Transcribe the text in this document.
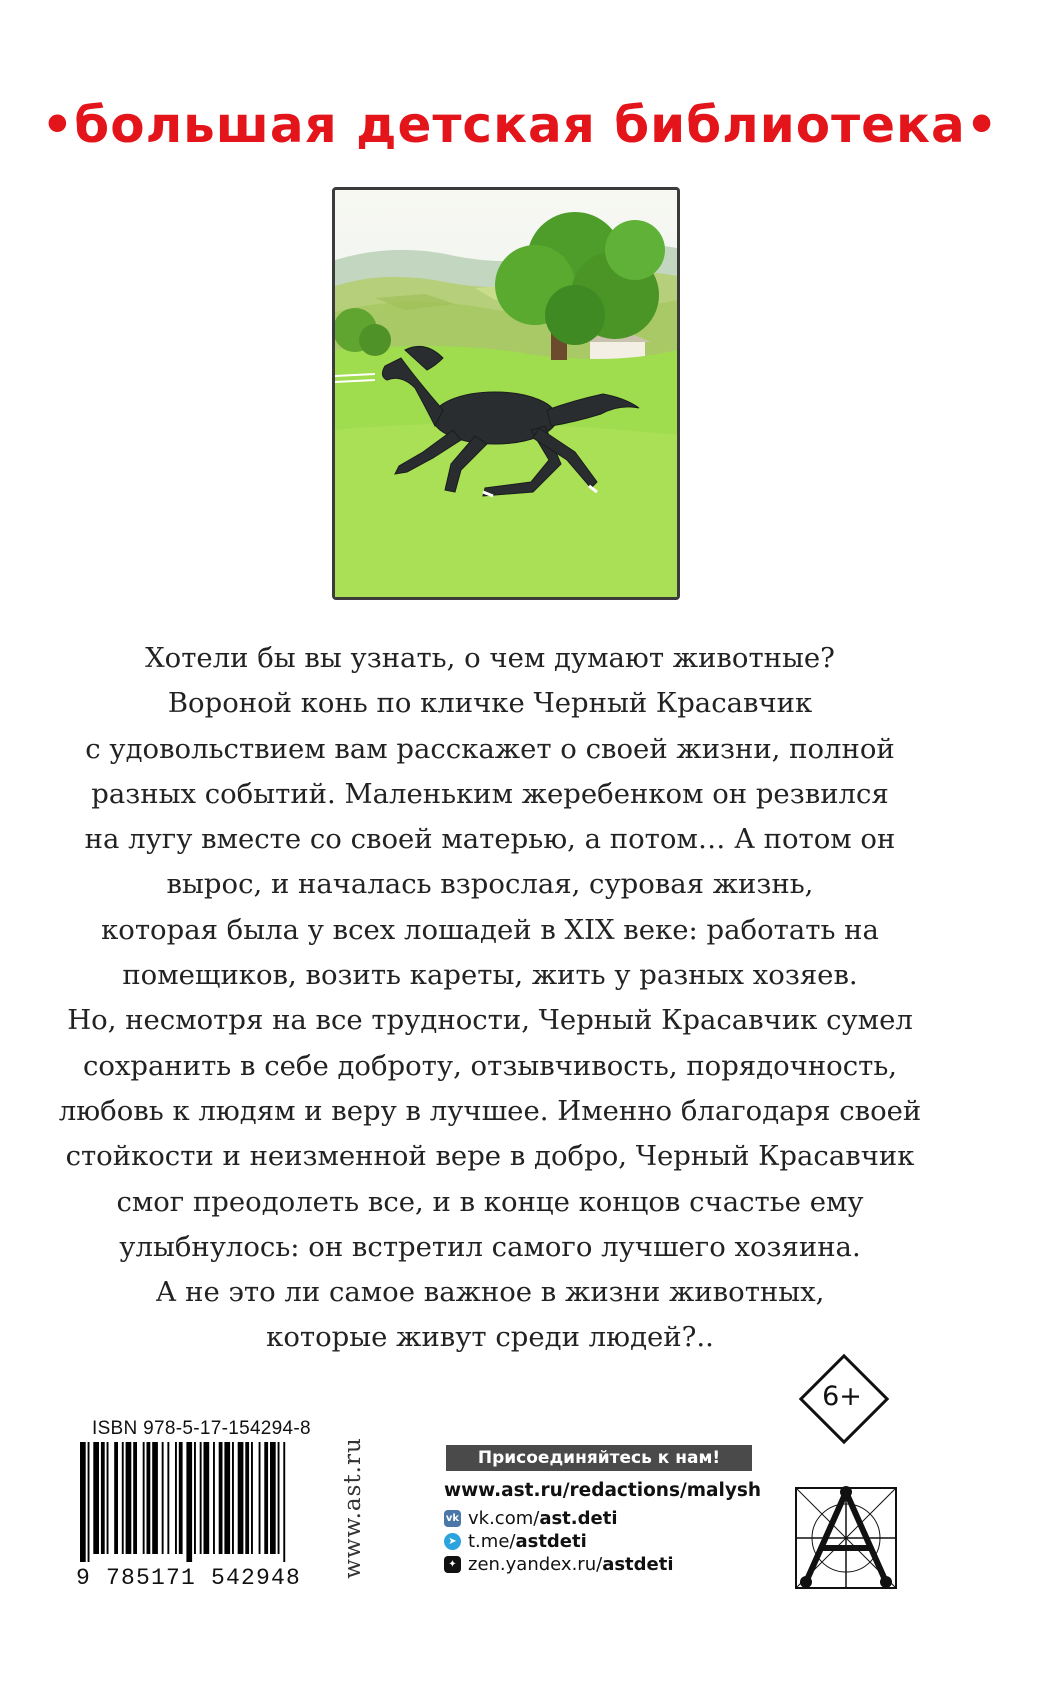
•большая детская библиотека•
Хотели бы вы узнать, о чем думают животные?
Вороной конь по кличке Черный Красавчик
с удовольствием вам расскажет о своей жизни, полной
разных событий. Маленьким жеребенком он резвился
на лугу вместе со своей матерью, а потом… А потом он
вырос, и началась взрослая, суровая жизнь,
которая была у всех лошадей в XIX веке: работать на
помещиков, возить кареты, жить у разных хозяев.
Но, несмотря на все трудности, Черный Красавчик сумел
сохранить в себе доброту, отзывчивость, порядочность,
любовь к людям и веру в лучшее. Именно благодаря своей
стойкости и неизменной вере в добро, Черный Красавчик
смог преодолеть все, и в конце концов счастье ему
улыбнулось: он встретил самого лучшего хозяина.
А не это ли самое важное в жизни животных,
которые живут среди людей?..
6+
ISBN 978-5-17-154294-8
9 785171 542948 www.ast.ru	Присоединяйтесь к нам!
www.ast.ru/redactions/malysh
vk vk.com/ ast.deti
➤ t.me/ astdeti
✦ zen.yandex.ru/ astdeti
